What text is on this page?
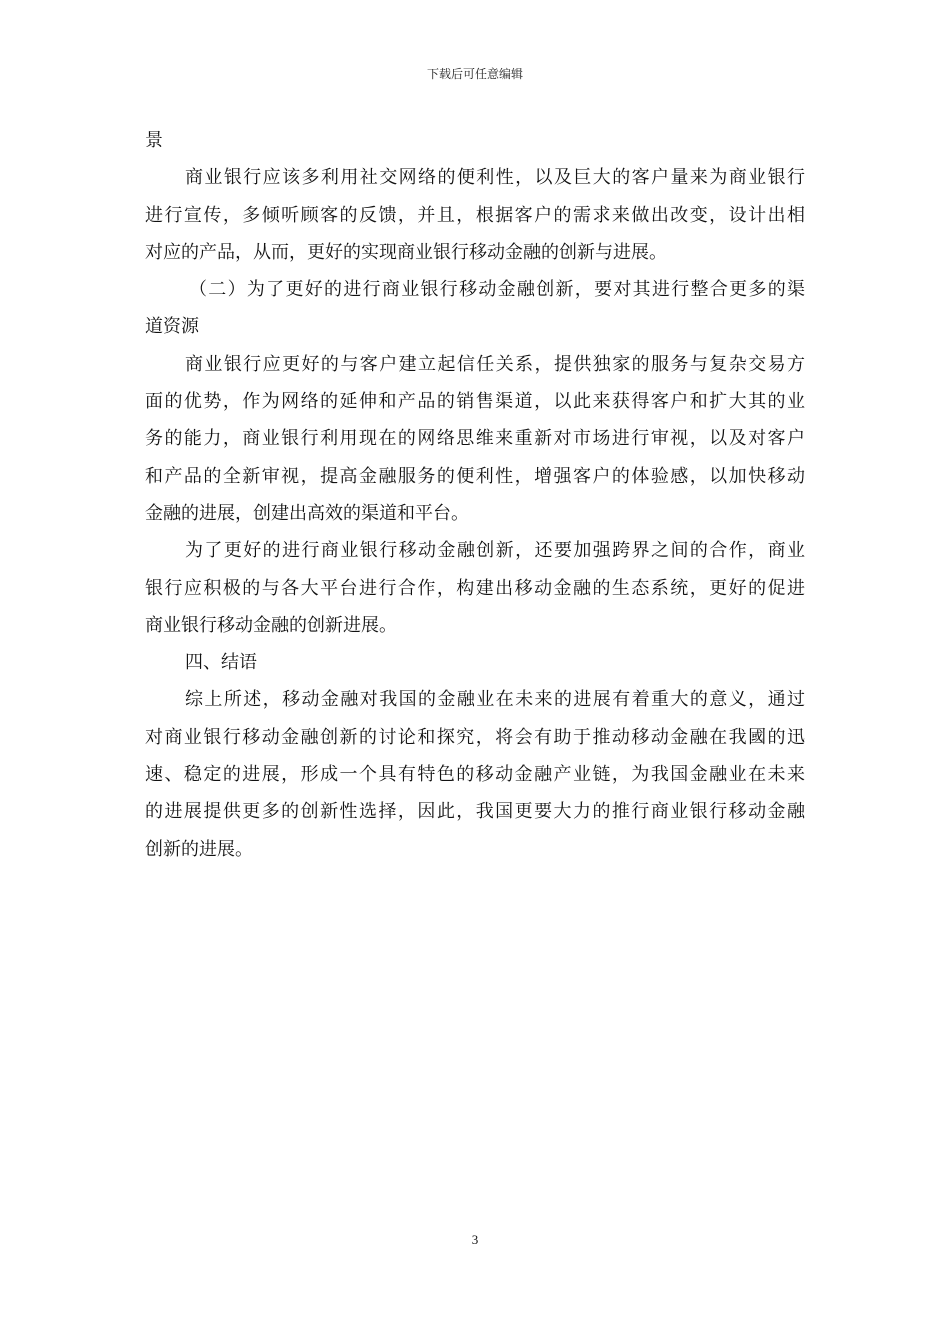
下载后可任意编辑
景
商业银行应该多利用社交网络的便利性，以及巨大的客户量来为商业银行
进行宣传，多倾听顾客的反馈，并且，根据客户的需求来做出改变，设计出相
对应的产品，从而，更好的实现商业银行移动金融的创新与进展。
（二）为了更好的进行商业银行移动金融创新，要对其进行整合更多的渠
道资源
商业银行应更好的与客户建立起信任关系，提供独家的服务与复杂交易方
面的优势，作为网络的延伸和产品的销售渠道，以此来获得客户和扩大其的业
务的能力，商业银行利用现在的网络思维来重新对市场进行审视，以及对客户
和产品的全新审视，提高金融服务的便利性，增强客户的体验感，以加快移动
金融的进展，创建出高效的渠道和平台。
为了更好的进行商业银行移动金融创新，还要加强跨界之间的合作，商业
银行应积极的与各大平台进行合作，构建出移动金融的生态系统，更好的促进
商业银行移动金融的创新进展。
四、结语
综上所述，移动金融对我国的金融业在未来的进展有着重大的意义，通过
对商业银行移动金融创新的讨论和探究，将会有助于推动移动金融在我國的迅
速、稳定的进展，形成一个具有特色的移动金融产业链，为我国金融业在未来
的进展提供更多的创新性选择，因此，我国更要大力的推行商业银行移动金融
创新的进展。
3
